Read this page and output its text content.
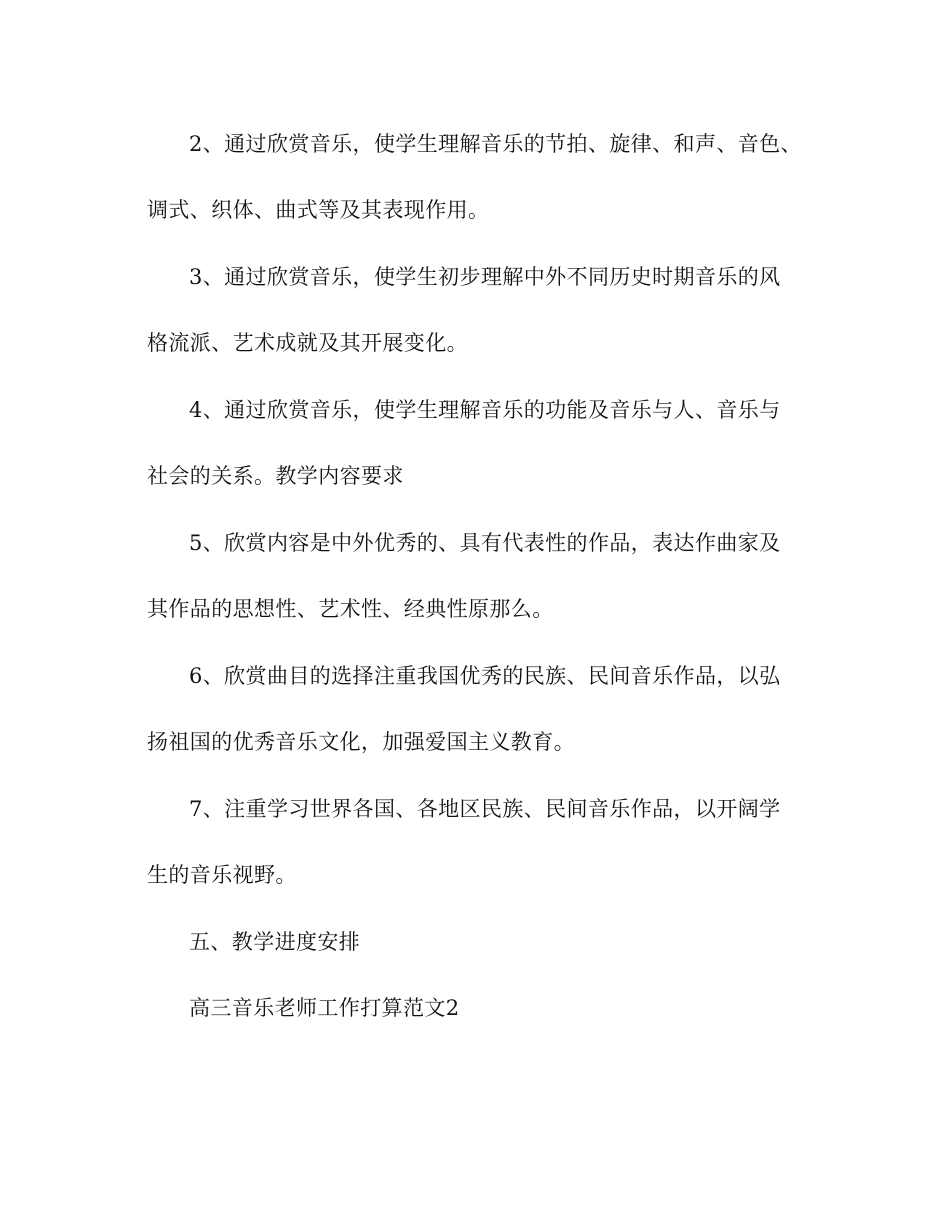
2、通过欣赏音乐，使学生理解音乐的节拍、旋律、和声、音色、
调式、织体、曲式等及其表现作用。
3、通过欣赏音乐，使学生初步理解中外不同历史时期音乐的风
格流派、艺术成就及其开展变化。
4、通过欣赏音乐，使学生理解音乐的功能及音乐与人、音乐与
社会的关系。教学内容要求
5、欣赏内容是中外优秀的、具有代表性的作品，表达作曲家及
其作品的思想性、艺术性、经典性原那么。
6、欣赏曲目的选择注重我国优秀的民族、民间音乐作品，以弘
扬祖国的优秀音乐文化，加强爱国主义教育。
7、注重学习世界各国、各地区民族、民间音乐作品，以开阔学
生的音乐视野。
五、教学进度安排
高三音乐老师工作打算范文2
